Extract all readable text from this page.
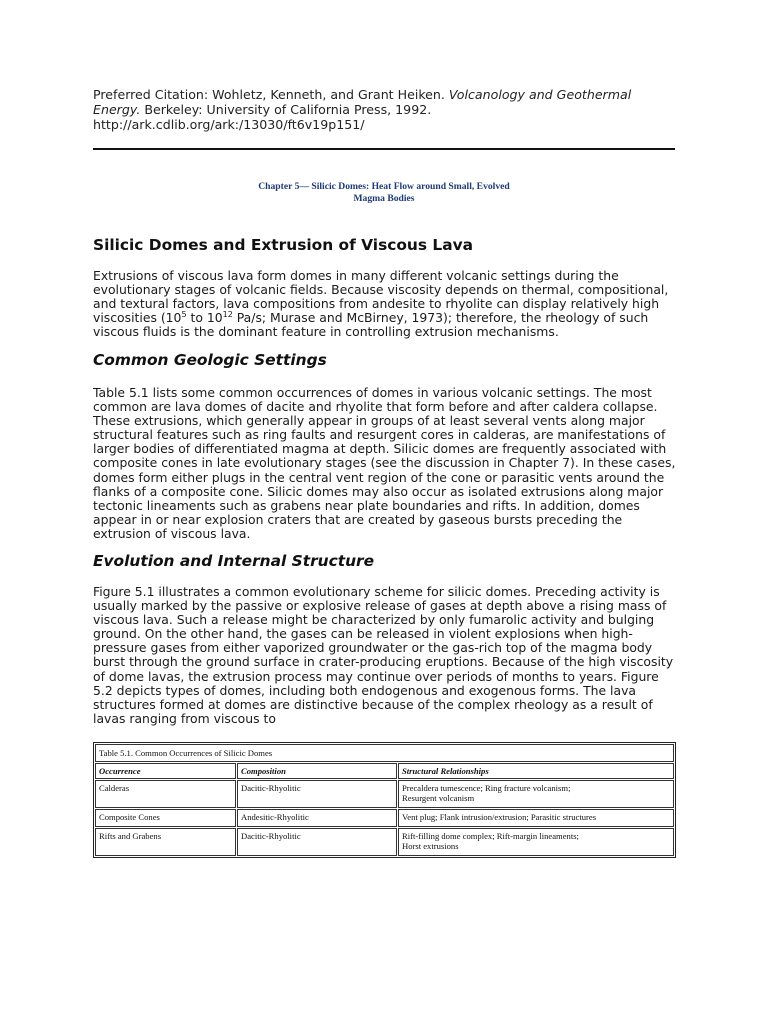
Preferred Citation: Wohletz, Kenneth, and Grant Heiken. Volcanology and Geothermal
Energy. Berkeley: University of California Press, 1992.
http://ark.cdlib.org/ark:/13030/ft6v19p151/
Chapter 5— Silicic Domes: Heat Flow around Small, Evolved
Magma Bodies
Silicic Domes and Extrusion of Viscous Lava
Extrusions of viscous lava form domes in many different volcanic settings during the evolutionary stages of volcanic fields. Because viscosity depends on thermal, compositional, and textural factors, lava compositions from andesite to rhyolite can display relatively high viscosities ($10^5$ to $10^{12}$ Pa/s; Murase and McBirney, 1973); therefore, the rheology of such viscous fluids is the dominant feature in controlling extrusion mechanisms.
Common Geologic Settings
Table 5.1 lists some common occurrences of domes in various volcanic settings. The most common are lava domes of dacite and rhyolite that form before and after caldera collapse. These extrusions, which generally appear in groups of at least several vents along major structural features such as ring faults and resurgent cores in calderas, are manifestations of larger bodies of differentiated magma at depth. Silicic domes are frequently associated with composite cones in late evolutionary stages (see the discussion in Chapter 7). In these cases, domes form either plugs in the central vent region of the cone or parasitic vents around the flanks of a composite cone. Silicic domes may also occur as isolated extrusions along major tectonic lineaments such as grabens near plate boundaries and rifts. In addition, domes appear in or near explosion craters that are created by gaseous bursts preceding the extrusion of viscous lava.
Evolution and Internal Structure
Figure 5.1 illustrates a common evolutionary scheme for silicic domes. Preceding activity is usually marked by the passive or explosive release of gases at depth above a rising mass of viscous lava. Such a release might be characterized by only fumarolic activity and bulging ground. On the other hand, the gases can be released in violent explosions when high-pressure gases from either vaporized groundwater or the gas-rich top of the magma body burst through the ground surface in crater-producing eruptions. Because of the high viscosity of dome lavas, the extrusion process may continue over periods of months to years. Figure 5.2 depicts types of domes, including both endogenous and exogenous forms. The lava structures formed at domes are distinctive because of the complex rheology as a result of lavas ranging from viscous to
Table 5.1. Common Occurrences of Silicic Domes		
Occurrence	Composition	Structural Relationships
Calderas	Dacitic-Rhyolitic	Precaldera tumescence; Ring fracture volcanism;
Resurgent volcanism
Composite Cones	Andesitic-Rhyolitic	Vent plug; Flank intrusion/extrusion; Parasitic structures
Rifts and Grabens	Dacitic-Rhyolitic	Rift-filling dome complex; Rift-margin lineaments;
Horst extrusions
